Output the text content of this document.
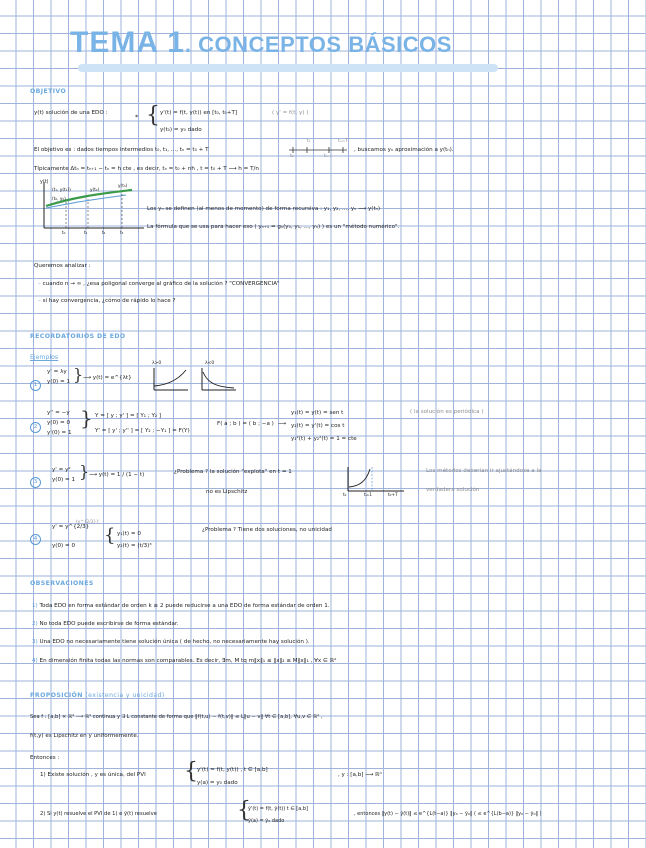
TEMA 1. CONCEPTOS BÁSICOS
OBJETIVO
y(t) solución de una EDO :	* { y'(t) = f(t, y(t)) en [t₀, t₀+T]	( y' = f(t, y) )
y(t₀) = y₀ dado
El objetivo es : dados tiempos intermedios t₀, t₁, ..., tₙ = t₀ + T
t₁	tₙ=T
t₀	tₙ₋₁
, buscamos yₙ aproximación a y(tₙ).
Típicamente Δtₙ = tₙ₊₁ − tₙ = h cte , es decir, tₙ = t₀ + nh , t = t₀ + T ⟶ h = T/n
y(t)
(t₁, y(t₁))
(t₀, y₀)
y(t₂)
y(t₃)
t₀	t₁	t₂	t₃
Los yₙ se definen (al menos de momento) de forma recursiva : y₁, y₂, ..., yₙ ⟶ y(tₙ)
La fórmula que se usa para hacer eso ( yₙ₊₁ = gₙ(y₀, y₁, ..., yₙ) ) es un "método numérico".
Queremos analizar :
– cuando n → ∞ , ¿esa poligonal converge al gráfico de la solución ? "CONVERGENCIA"
– si hay convergencia, ¿cómo de rápido lo hace ?
RECORDATORIOS DE EDO
Ejemplos
1
y' = λy
y(0) = 1 } ⟶ y(t) = e^{λt}
λ>0	λ<0
2
y'' = −y
y(0) = 0
y'(0) = 1
} Y = [ y ; y' ] = [ Y₁ ; Y₂ ]
Y' = [ y' ; y'' ] = [ Y₂ ; −Y₁ ] = F(Y)
F( a ; b ) = ( b ; −a ) ⟶
y₁(t) = y(t) = sen t
y₂(t) = y'(t) = cos t
y₁²(t) + y₂²(t) = 1 = cte
( la solución es periódica )
3
y' = y²
y(0) = 1 } ⟶ y(t) = 1 / (1 − t)	¿Problema ? la solución "explota" en t = 1
no es Lipschitz
t₀	t=1	t₀+T
Los métodos deberían ir ajustándose a la
verdadera solución
4
y' = y^{2/3}
(y^{2/3})'
y(0) = 0 { y₁(t) = 0
y₂(t) = (t/3)³
¿Problema ? Tiene dos soluciones, no unicidad
OBSERVACIONES
1) Toda EDO en forma estándar de orden k ≥ 2 puede reducirse a una EDO de forma estándar de orden 1.
2) No toda EDO puede escribirse de forma estándar.
3) Una EDO no necesariamente tiene solución única ( de hecho, no necesariamente hay solución ).
4) En dimensión finita todas las normas son comparables. Es decir, ∃m, M tq m‖x‖₁ ≤ ‖x‖₂ ≤ M‖x‖₁ , ∀x ∈ ℝᵈ
PROPOSICIÓN (existencia y unicidad)
Sea f : [a,b] × ℝᵈ ⟶ ℝᵈ continua y ∃ L constante de forma que ‖f(t,u) − f(t,v)‖ ≤ L‖u − v‖ ∀t ∈ [a,b], ∀u,v ∈ ℝᵈ ,
f(t,y) es Lipschitz en y uniformemente.
Entonces :
1) Existe solución , y es única, del PVI { y'(t) = f(t, y(t)) , t ∈ [a,b]
y(a) = y₀ dado
, y : [a,b] ⟶ ℝᵈ
2) Si y(t) resuelve el PVI de 1) e ỹ(t) resuelve	{
ỹ'(t) = f(t, ỹ(t)) t ∈ [a,b]
ỹ(a) = ỹ₀ dado
, entonces ‖y(t) − ỹ(t)‖ ≤ e^{L(t−a)} ‖y₀ − ỹ₀‖ ( ≤ e^{L(b−a)} ‖y₀ − ỹ₀‖ )
